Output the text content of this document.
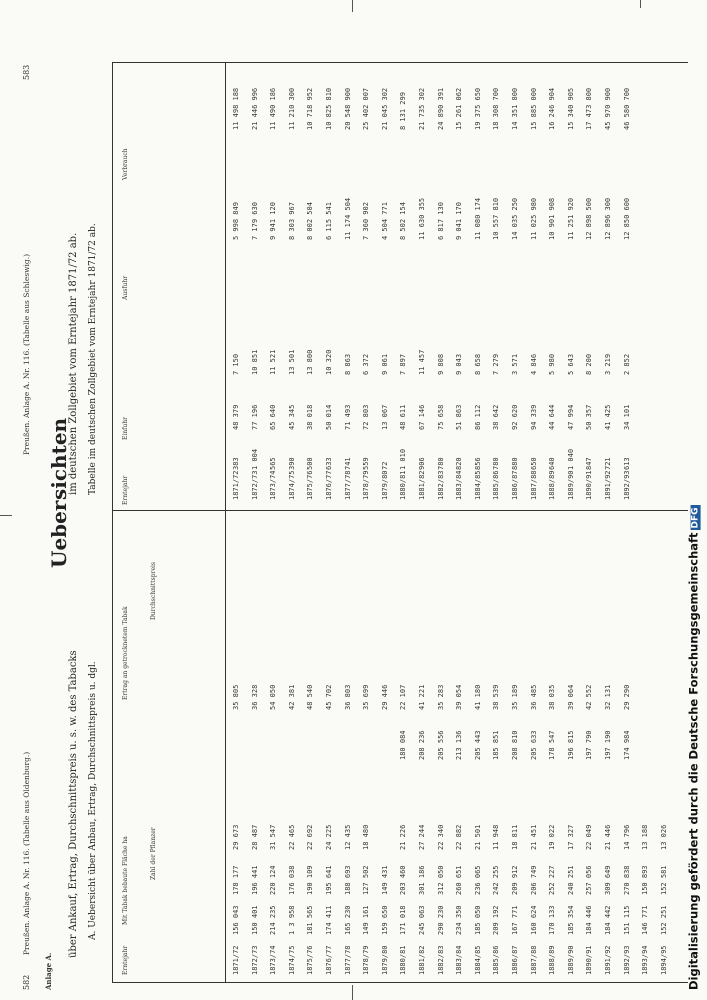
582 Anlage A.
Preußen. Anlage A. Nr. 116. (Tabelle aus Oldenburg.)
583
Preußen. Anlage A. Nr. 116. (Tabelle aus Schleswig.)
Ueber
sichten
über Ankauf, Ertrag, Durchschnittspreis u. s. w. des Tabacks
im deutschen Zollgebiet vom Erntejahr 1871/72 ab.
A. Uebersicht über Anbau, Ertrag, Durchschnittspreis u. dgl.
Tabelle im deutschen Zollgebiet vom Erntejahr 1871/72 ab.
Erntejahr
Mit Tabak bebaute Fläche ha	Zahl der Pflanzer
Ertrag an getrocknetem Tabak
Durchschnittspreis
Erntejahr
Einfuhr
Ausfuhr
Verbrauch
1871/72
156 043
178 177
29 673
35 805
1871/72
383
48 379
7 150
5 998 849
11 498 188
1872/73
150 401
196 441
28 487
36 328
1872/73
1 004
77 196
10 851
7 179 630
21 446 996
1873/74
214 235
220 124
31 547
54 050
1873/74
565
65 640
11 521
9 941 120
11 490 186
1874/75
1 3 958
176 038
22 465
42 381
1874/75
390
45 345
13 501
8 303 967
11 210 300
1875/76
181 565
190 109
22 692
48 540
1875/76
500
38 018
13 800
8 002 504
10 718 952
1876/77
174 411
195 641
24 225
45 702
1876/77
633
50 014
10 320
6 115 541
10 825 810
1877/78
165 230
188 693
12 435
36 803
1877/78
741
71 493
8 863
11 174 504
20 548 900
1878/79
149 161
127 502
18 480
35 699
1878/79
559
72 803
6 372
7 360 902
25 402 007
1879/80
159 650
149 431
29 446
1879/80
72
13 067
9 061
4 504 771
21 045 302
1880/81
171 018
203 460
21 226
180 084
22 107
1880/81
1 010
48 611
7 897
8 502 154
8 131 299
1881/82
245 063
301 186
27 244
208 236
41 221
1881/82
906
67 146
11 457
11 630 355
21 735 302
1882/83
290 230
312 050
22 340
205 556
35 283
1882/83
780
75 658
9 808
6 817 130
24 890 391
1883/84
234 350
260 651
22 882
213 136
39 054
1883/84
820
51 863
9 043
9 041 170
15 261 062
1884/85
185 050
236 065
21 501
205 443
41 180
1884/85
856
86 112
8 658
11 080 174
19 375 650
1885/86
209 192
242 255
11 948
185 851
38 539
1885/86
780
38 642
7 279
10 557 810
18 308 700
1886/87
167 771
209 912
18 811
208 810
35 189
1886/87
880
92 620
3 571
14 035 250
14 351 800
1887/88
160 624
206 749
21 451
205 633
36 485
1887/88
650
94 339
4 846
11 025 980
15 885 000
1888/89
170 133
252 227
19 022
178 547
38 035
1888/89
640
44 644
5 980
10 901 908
16 246 904
1889/90
185 354
240 251
17 327
196 815
39 064
1889/90
1 040
47 994
5 643
11 251 920
15 340 905
1890/91
184 446
257 056
22 049
197 790
42 552
1890/91
847
50 357
8 200
12 898 500
17 473 800
1891/92
184 442
309 649
21 446
197 190
32 131
1891/92
721
41 425
3 219
12 896 300
45 970 900
1892/93
151 115
270 838
14 796
174 984
29 290
1892/93
613
34 101
2 852
12 850 600
46 580 700
1893/94
146 771
150 893
13 188
1894/95
152 251
152 581
13 026 Digitalisierung gefördert durch die Deutsche ForschungsgemeinschaftDFG
